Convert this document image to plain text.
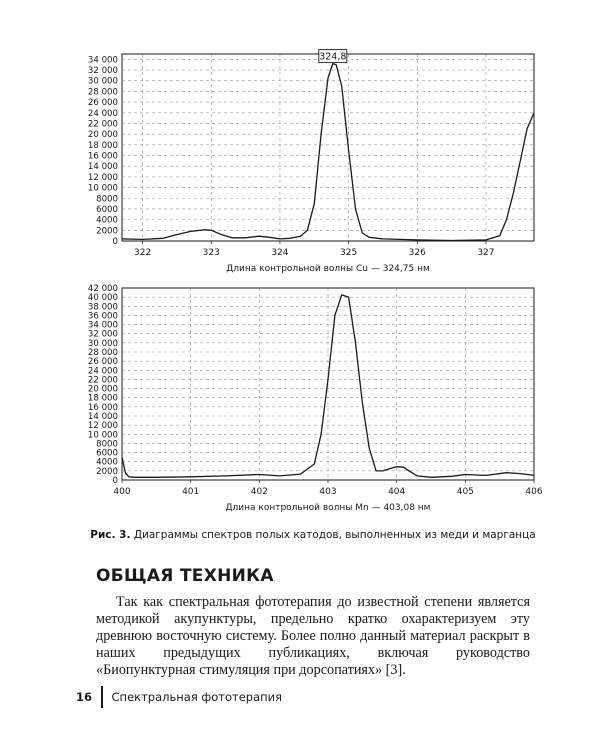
0
2000
4000
6000
8000
10 000
12 000
14 000
16 000
18 000
20 000
22 000
24 000
26 000
28 000
30 000
32 000
34 000
322	323	324	325	326	327
Длина контрольной волны Cu — 324,75 нм
324,8
0
2000
4000
6000
8000
10 000
12 000
14 000
16 000
18 000
20 000
22 000
24 000
26 000
28 000
30 000
32 000
34 000
36 000
38 000
40 000
42 000
400	401	402	403	404	405	406
Длина контрольной волны Mn — 403,08 нм
Рис. 3. Диаграммы спектров полых катодов, выполненных из меди и марганца
ОБЩАЯ ТЕХНИКА

Так как спектральная фототерапия до известной степени является методикой акупунктуры, предельно кратко охарактеризуем эту древнюю восточную систему. Более полно данный материал раскрыт в наших предыдущих публикациях, включая руководство «Биопунктурная стимуляция при дорсопатиях» [3].

16 Спектральная фототерапия
